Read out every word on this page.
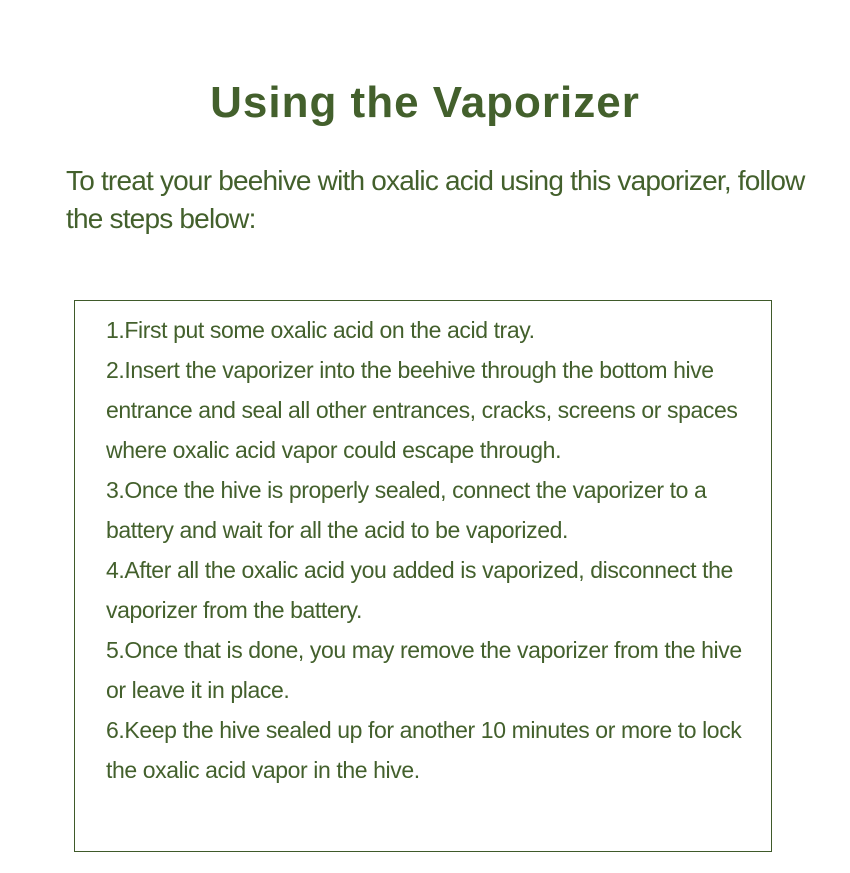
Using the Vaporizer

To treat your beehive with oxalic acid using this vaporizer, follow the steps below:

1.First put some oxalic acid on the acid tray.

2.Insert the vaporizer into the beehive through the bottom hive entrance and seal all other entrances, cracks, screens or spaces where oxalic acid vapor could escape through.

3.Once the hive is properly sealed, connect the vaporizer to a battery and wait for all the acid to be vaporized.

4.After all the oxalic acid you added is vaporized, disconnect the vaporizer from the battery.

5.Once that is done, you may remove the vaporizer from the hive or leave it in place.

6.Keep the hive sealed up for another 10 minutes or more to lock the oxalic acid vapor in the hive.
